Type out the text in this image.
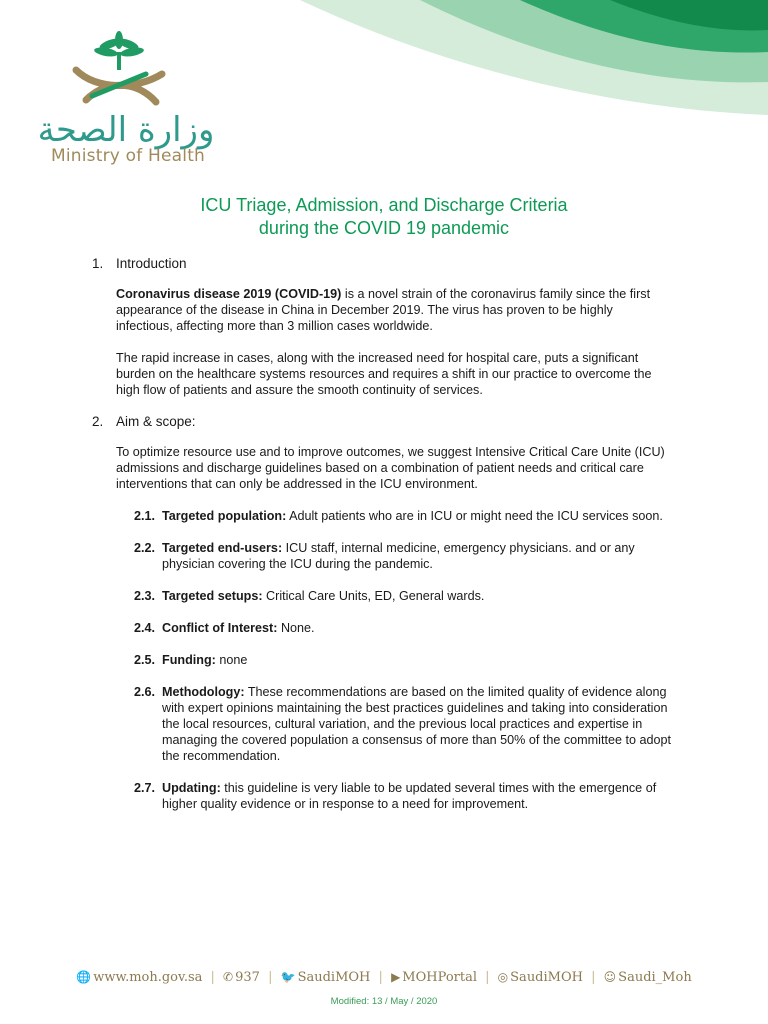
وزارة الصحة
Ministry of Health
ICU Triage, Admission, and Discharge Criteria
during the COVID 19 pandemic
1. Introduction
Coronavirus disease 2019 (COVID-19) is a novel strain of the coronavirus family since the first appearance of the disease in China in December 2019. The virus has proven to be highly infectious, affecting more than 3 million cases worldwide.
The rapid increase in cases, along with the increased need for hospital care, puts a significant burden on the healthcare systems resources and requires a shift in our practice to overcome the high flow of patients and assure the smooth continuity of services.
2. Aim & scope:
To optimize resource use and to improve outcomes, we suggest Intensive Critical Care Unite (ICU) admissions and discharge guidelines based on a combination of patient needs and critical care interventions that can only be addressed in the ICU environment.
2.1. Targeted population: Adult patients who are in ICU or might need the ICU services soon.
2.2. Targeted end-users: ICU staff, internal medicine, emergency physicians. and or any physician covering the ICU during the pandemic.
2.3. Targeted setups: Critical Care Units, ED, General wards.
2.4. Conflict of Interest: None.
2.5. Funding: none
2.6. Methodology: These recommendations are based on the limited quality of evidence along with expert opinions maintaining the best practices guidelines and taking into consideration the local resources, cultural variation, and the previous local practices and expertise in managing the covered population a consensus of more than 50% of the committee to adopt the recommendation.
2.7. Updating: this guideline is very liable to be updated several times with the emergence of higher quality evidence or in response to a need for improvement.
🌐 www.moh.gov.sa | ✆ 937 | 🐦 SaudiMOH | ▶ MOHPortal | ◎ SaudiMOH | ☺ Saudi_Moh
Modified: 13 / May / 2020
